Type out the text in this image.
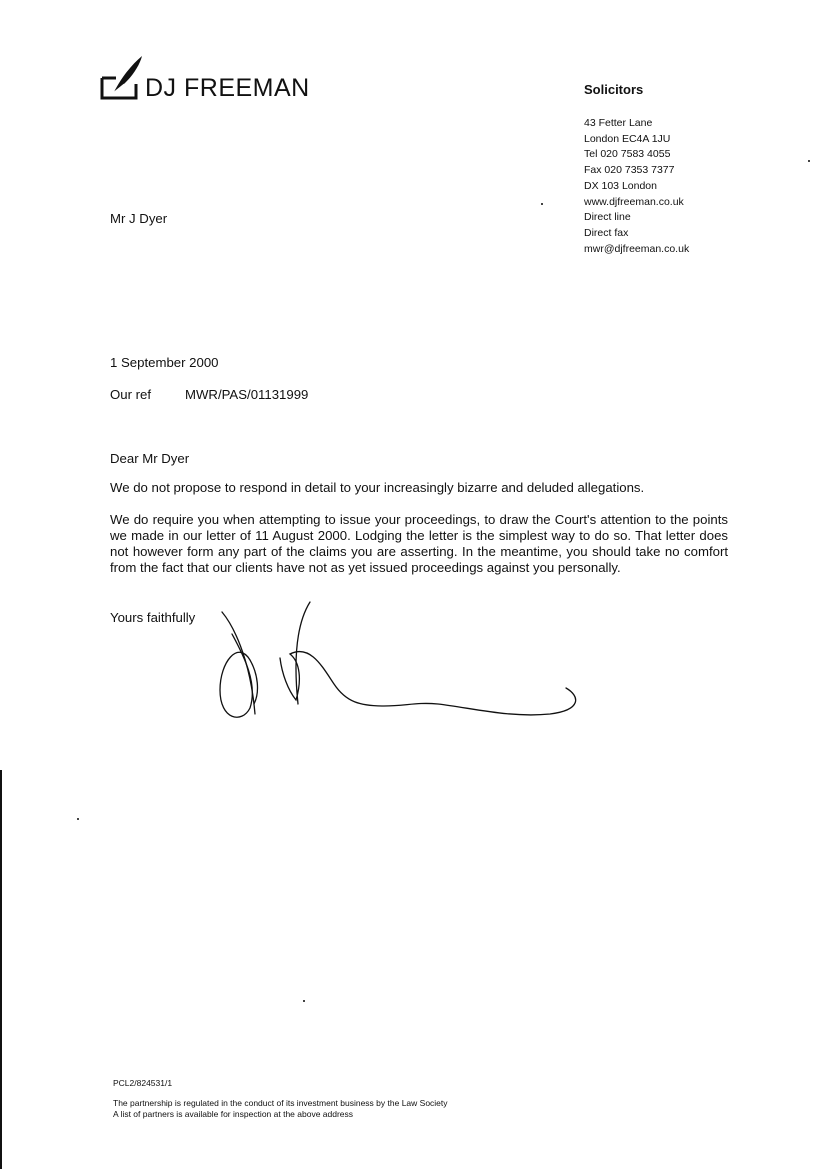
DJ FREEMAN	Solicitors
43 Fetter Lane
London EC4A 1JU
Tel 020 7583 4055
Fax 020 7353 7377
DX 103 London
www.djfreeman.co.uk
Direct line
Direct fax
mwr@djfreeman.co.uk
Mr J Dyer
1 September 2000
Our ref	MWR/PAS/01131999
Dear Mr Dyer

We do not propose to respond in detail to your increasingly bizarre and deluded allegations.

We do require you when attempting to issue your proceedings, to draw the Court's attention to the points we made in our letter of 11 August 2000. Lodging the letter is the simplest way to do so. That letter does not however form any part of the claims you are asserting. In the meantime, you should take no comfort from the fact that our clients have not as yet issued proceedings against you personally.

Yours faithfully
PCL2/824531/1
The partnership is regulated in the conduct of its investment business by the Law Society
A list of partners is available for inspection at the above address
